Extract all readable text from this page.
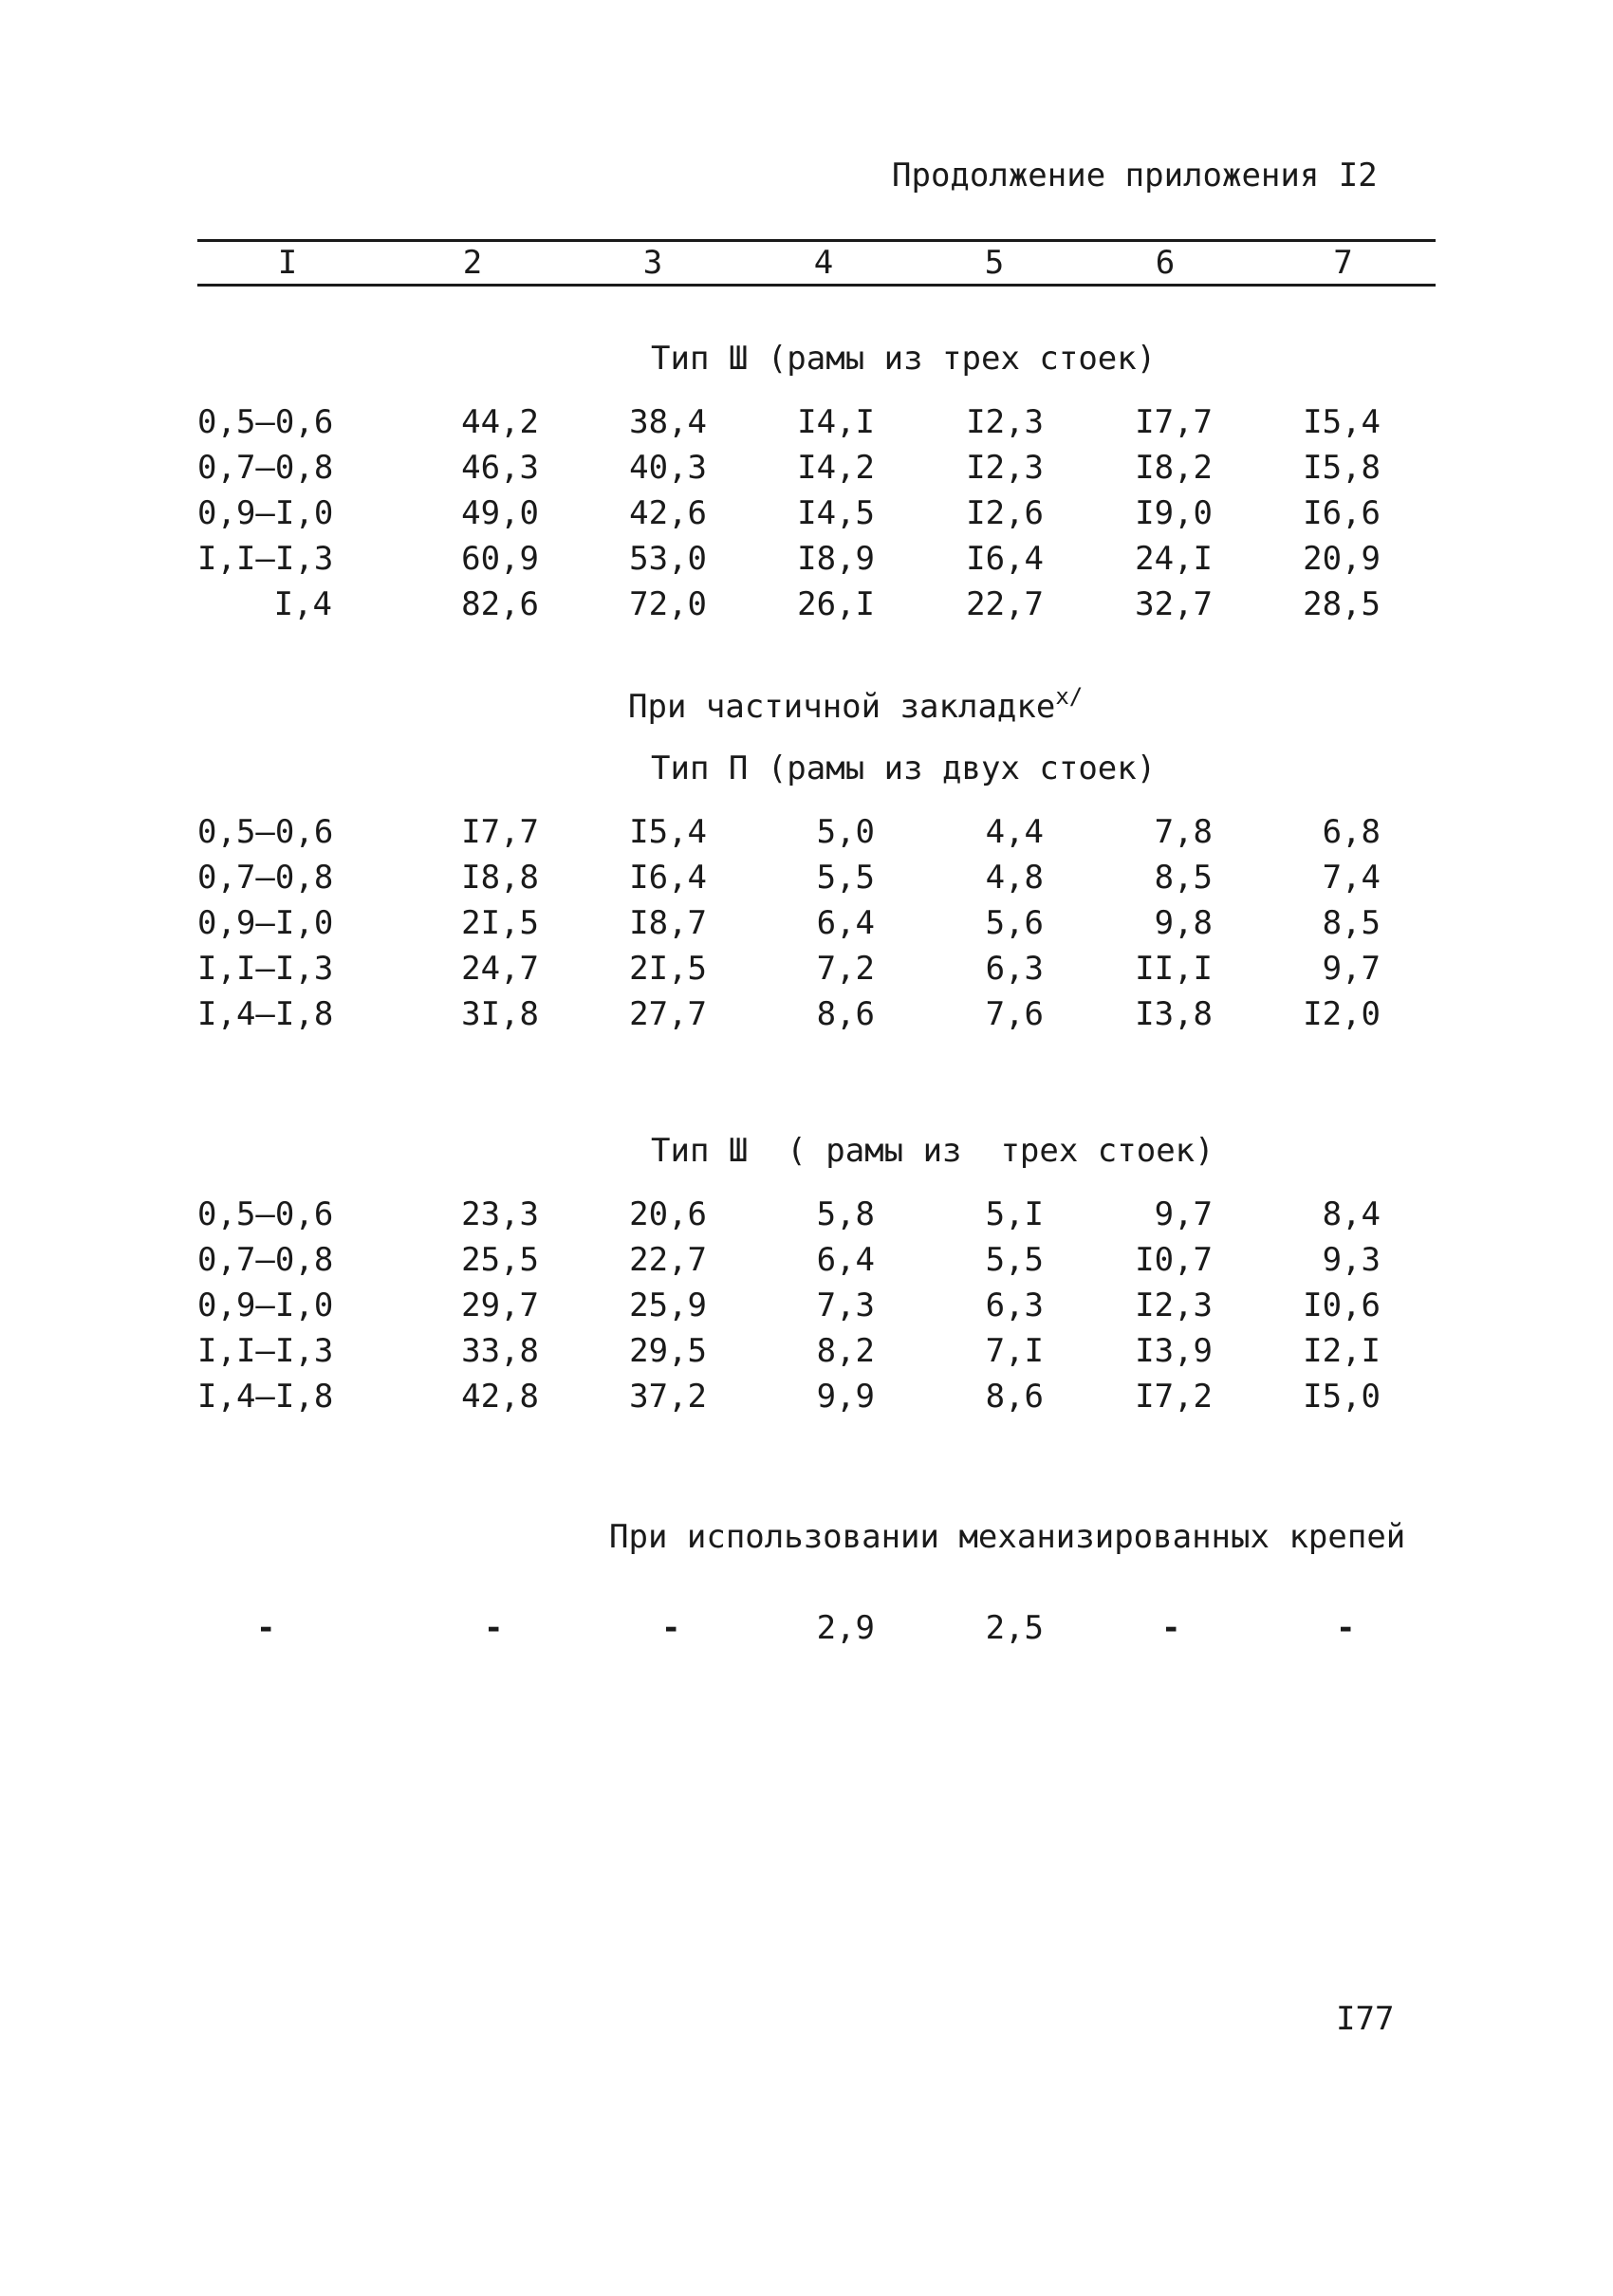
Продолжение приложения I2
I	2	3	4	5	6	7
Тип Ш (рамы из трех стоек)
0,5–0,6	44,2	38,4	I4,I	I2,3	I7,7	I5,4
0,7–0,8	46,3	40,3	I4,2	I2,3	I8,2	I5,8
0,9–I,0	49,0	42,6	I4,5	I2,6	I9,0	I6,6
I,I–I,3	60,9	53,0	I8,9	I6,4	24,I	20,9
I,4	82,6	72,0	26,I	22,7	32,7	28,5
При частичной закладке$^{x/}$
Тип П (рамы из двух стоек)
0,5–0,6	I7,7	I5,4	5,0	4,4	7,8	6,8
0,7–0,8	I8,8	I6,4	5,5	4,8	8,5	7,4
0,9–I,0	2I,5	I8,7	6,4	5,6	9,8	8,5
I,I–I,3	24,7	2I,5	7,2	6,3	II,I	9,7
I,4–I,8	3I,8	27,7	8,6	7,6	I3,8	I2,0
Тип Ш  ( рамы из  трех стоек)
0,5–0,6	23,3	20,6	5,8	5,I	9,7	8,4
0,7–0,8	25,5	22,7	6,4	5,5	I0,7	9,3
0,9–I,0	29,7	25,9	7,3	6,3	I2,3	I0,6
I,I–I,3	33,8	29,5	8,2	7,I	I3,9	I2,I
I,4–I,8	42,8	37,2	9,9	8,6	I7,2	I5,0
При использовании механизированных крепей
-	-	-	2,9	2,5	-	-
I77
